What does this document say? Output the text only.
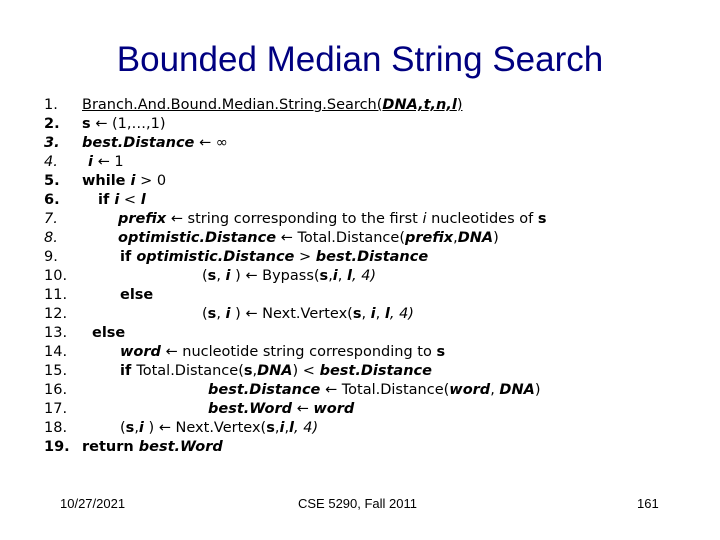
Bounded Median String Search
1. Branch.And.Bound.Median.String.Search(DNA,t,n,l)
2. s ← (1,…,1)
3. best.Distance ← ∞
4. i ← 1
5. while i > 0
6.	if i < l
7.	prefix ← string corresponding to the first i nucleotides of s
8.	optimistic.Distance ← Total.Distance(prefix,DNA)
9.	if optimistic.Distance > best.Distance
10.	(s, i ) ← Bypass(s,i, l, 4)
11.	else
12.	(s, i ) ← Next.Vertex(s, i, l, 4)
13. else
14.	word ← nucleotide string corresponding to s
15.	if Total.Distance(s,DNA) < best.Distance
16.	best.Distance ← Total.Distance(word, DNA)
17.	best.Word ← word
18.	(s,i ) ← Next.Vertex(s,i,l, 4)
19. return best.Word
10/27/2021	CSE 5290, Fall 2011	161
